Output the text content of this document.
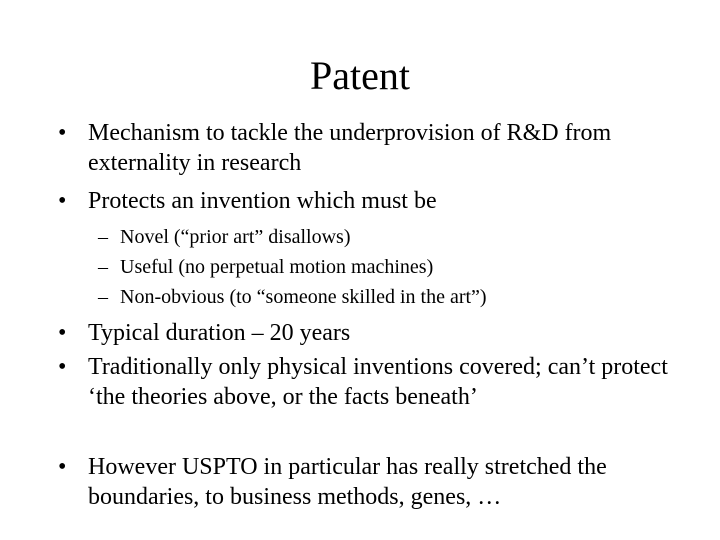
Patent
• Mechanism to tackle the underprovision of R&D from externality in research
• Protects an invention which must be
– Novel (“prior art” disallows)
– Useful (no perpetual motion machines)
– Non-obvious (to “someone skilled in the art”)
• Typical duration – 20 years
• Traditionally only physical inventions covered; can’t protect ‘the theories above, or the facts beneath’
• However USPTO in particular has really stretched the boundaries, to business methods, genes, …
